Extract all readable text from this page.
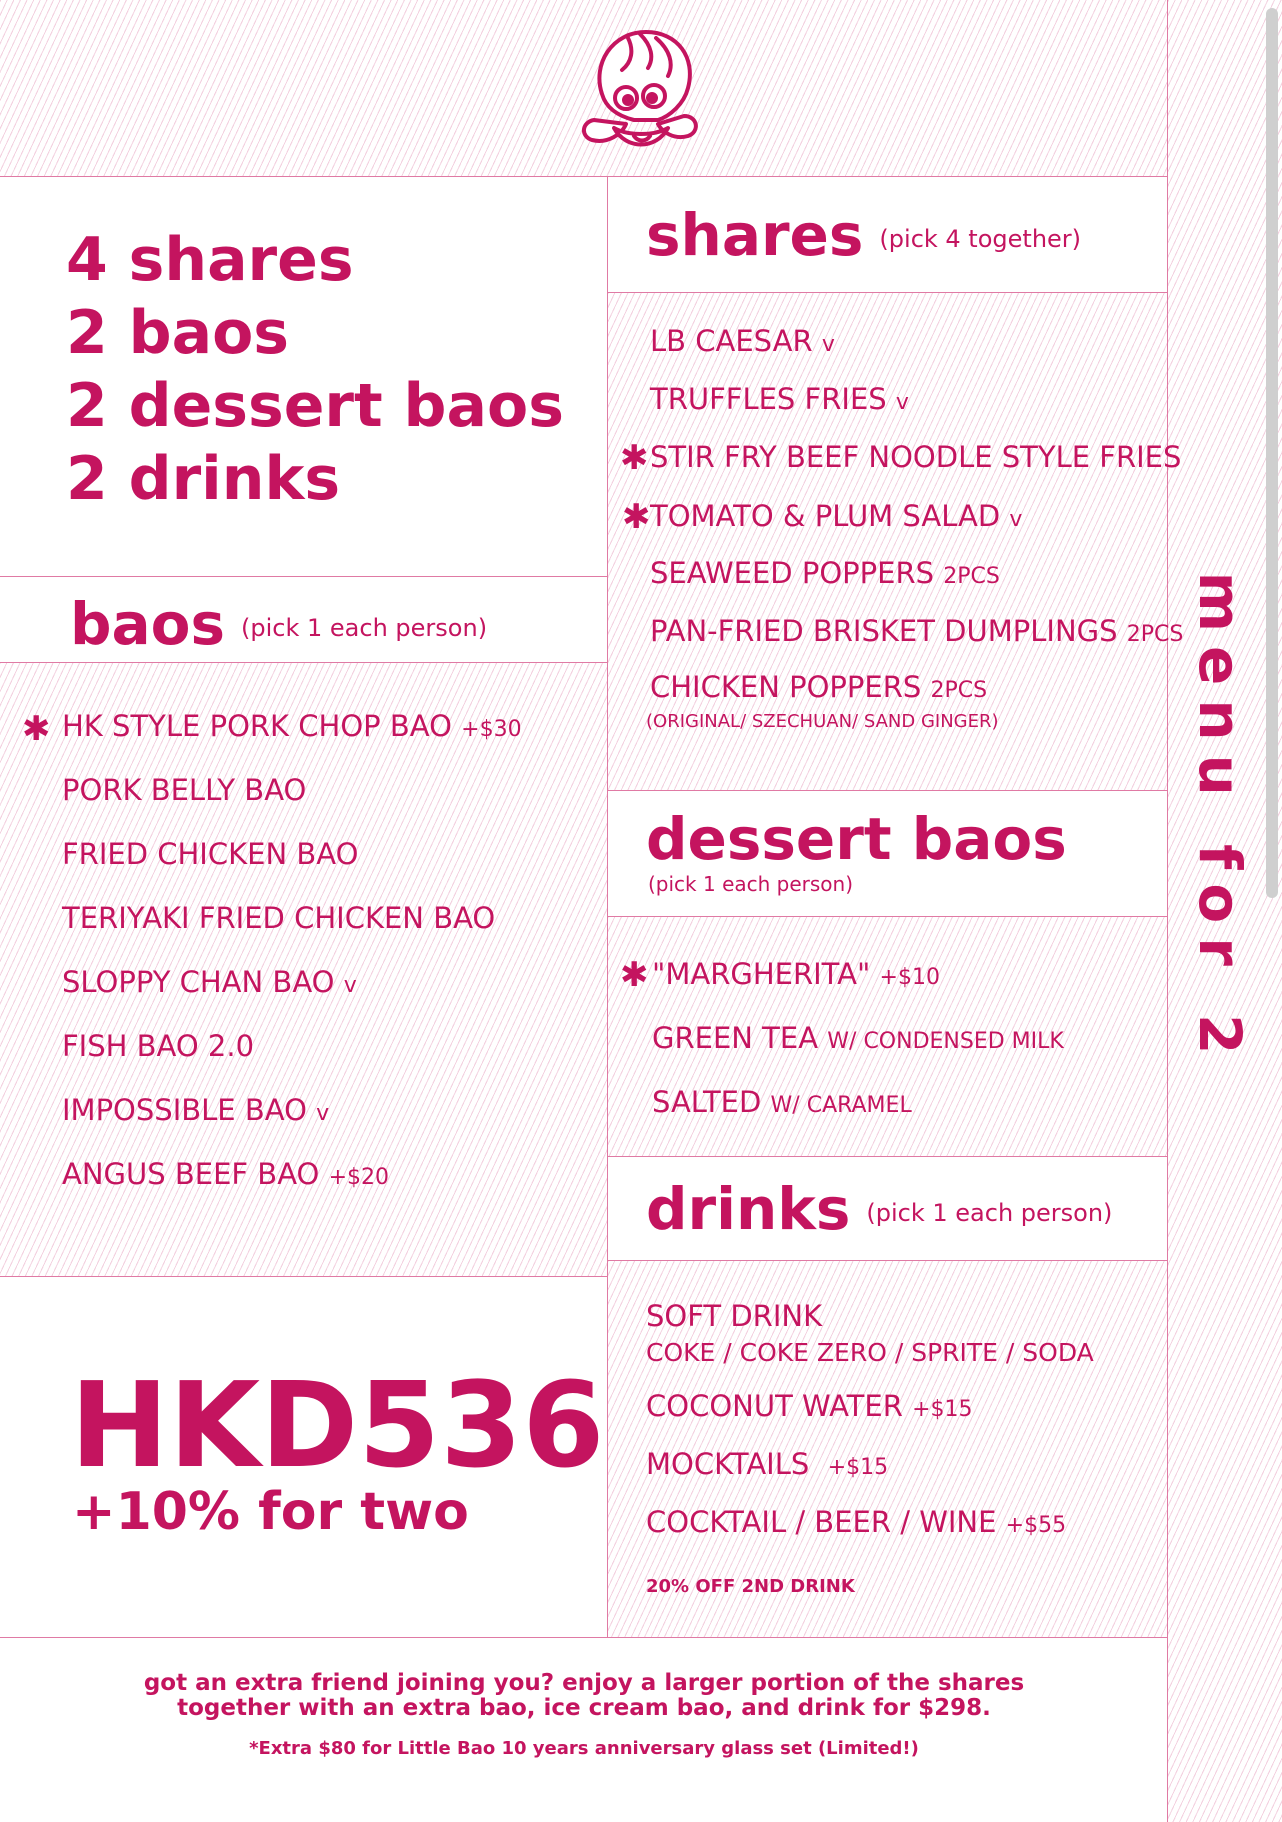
4 shares
2 baos
2 dessert baos
2 drinks
baos (pick 1 each person)
✱ HK STYLE PORK CHOP BAO +$30
PORK BELLY BAO
FRIED CHICKEN BAO
TERIYAKI FRIED CHICKEN BAO
SLOPPY CHAN BAO v
FISH BAO 2.0
IMPOSSIBLE BAO v
ANGUS BEEF BAO +$20
HKD536
+10% for two
shares (pick 4 together)
LB CAESAR v
TRUFFLES FRIES v
✱ STIR FRY BEEF NOODLE STYLE FRIES
✱ TOMATO & PLUM SALAD v
SEAWEED POPPERS 2PCS
PAN-FRIED BRISKET DUMPLINGS 2PCS
CHICKEN POPPERS 2PCS
(ORIGINAL/ SZECHUAN/ SAND GINGER)
dessert baos
(pick 1 each person)
✱ "MARGHERITA" +$10
GREEN TEA W/ CONDENSED MILK
SALTED W/ CARAMEL
drinks (pick 1 each person)
SOFT DRINK
COKE / COKE ZERO / SPRITE / SODA
COCONUT WATER +$15
MOCKTAILS +$15
COCKTAIL / BEER / WINE +$55
20% OFF 2ND DRINK
menu for 2
got an extra friend joining you? enjoy a larger portion of the shares
together with an extra bao, ice cream bao, and drink for $298.
*Extra $80 for Little Bao 10 years anniversary glass set (Limited!)
